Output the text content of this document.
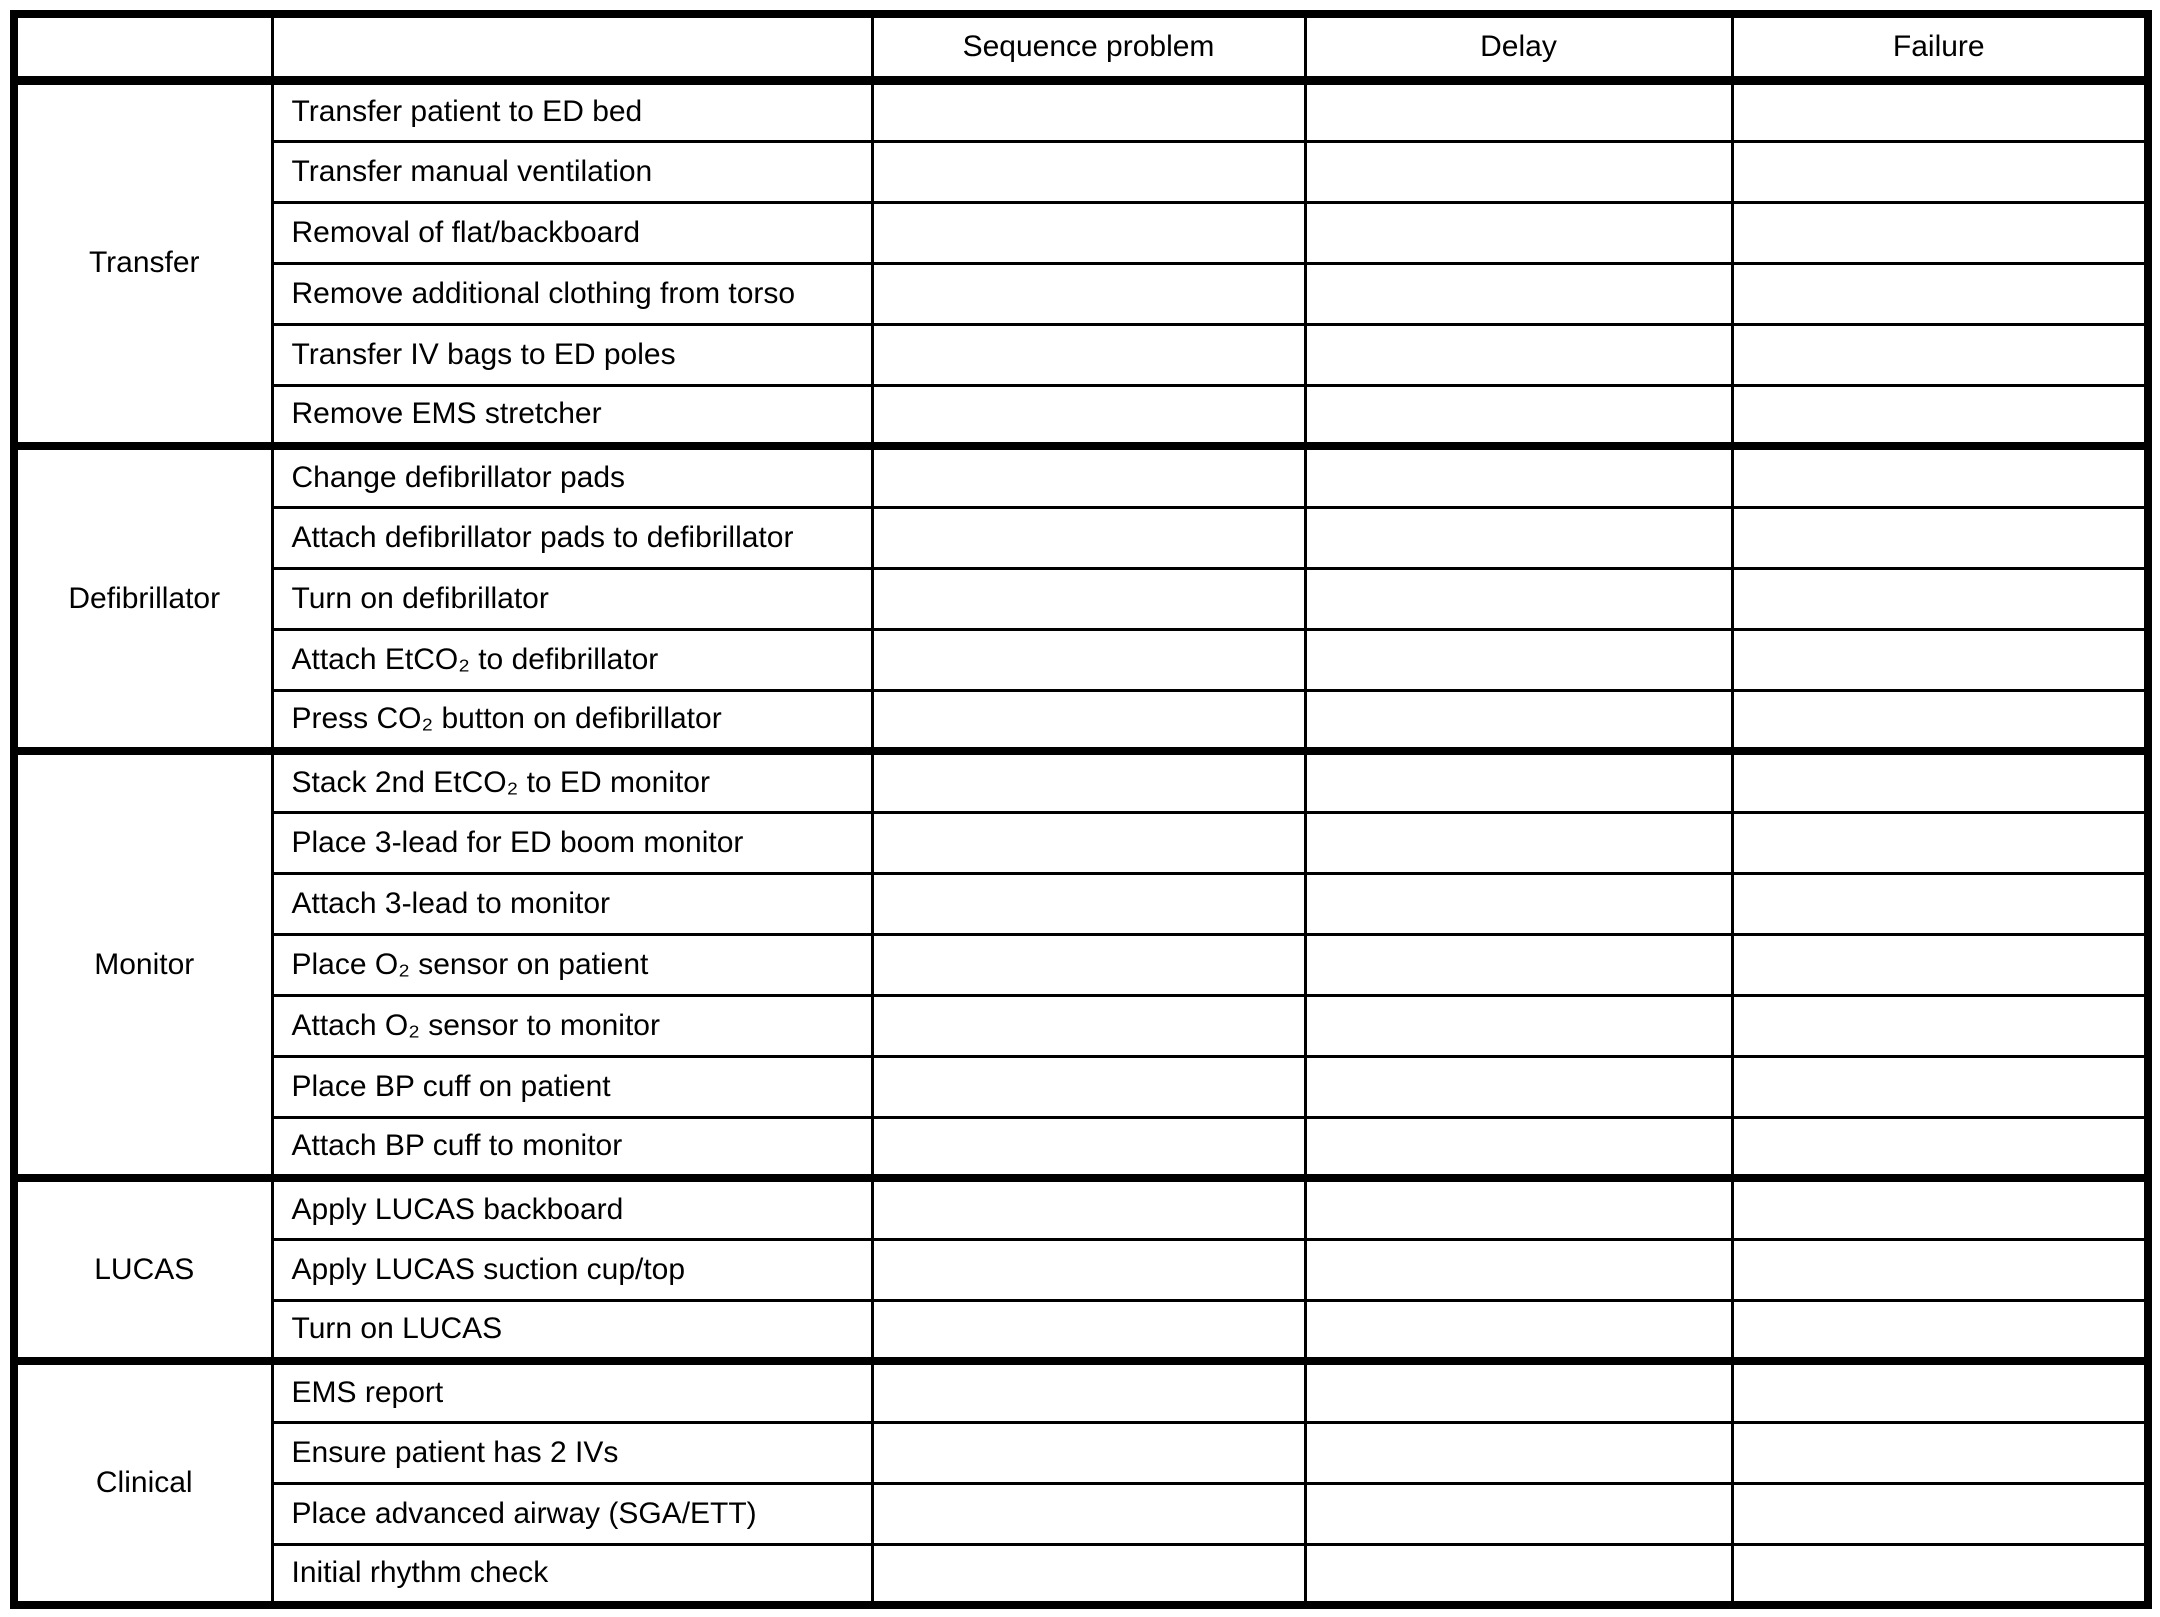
		Sequence problem	Delay	Failure
Transfer	Transfer patient to ED bed			
	Transfer manual ventilation			
	Removal of flat/backboard			
	Remove additional clothing from torso			
	Transfer IV bags to ED poles			
	Remove EMS stretcher			
Defibrillator	Change defibrillator pads			
	Attach defibrillator pads to defibrillator			
	Turn on defibrillator			
	Attach EtCO₂ to defibrillator			
	Press CO₂ button on defibrillator			
Monitor	Stack 2nd EtCO₂ to ED monitor			
	Place 3-lead for ED boom monitor			
	Attach 3-lead to monitor			
	Place O₂ sensor on patient			
	Attach O₂ sensor to monitor			
	Place BP cuff on patient			
	Attach BP cuff to monitor			
LUCAS	Apply LUCAS backboard			
	Apply LUCAS suction cup/top			
	Turn on LUCAS			
Clinical	EMS report			
	Ensure patient has 2 IVs			
	Place advanced airway (SGA/ETT)			
	Initial rhythm check			
